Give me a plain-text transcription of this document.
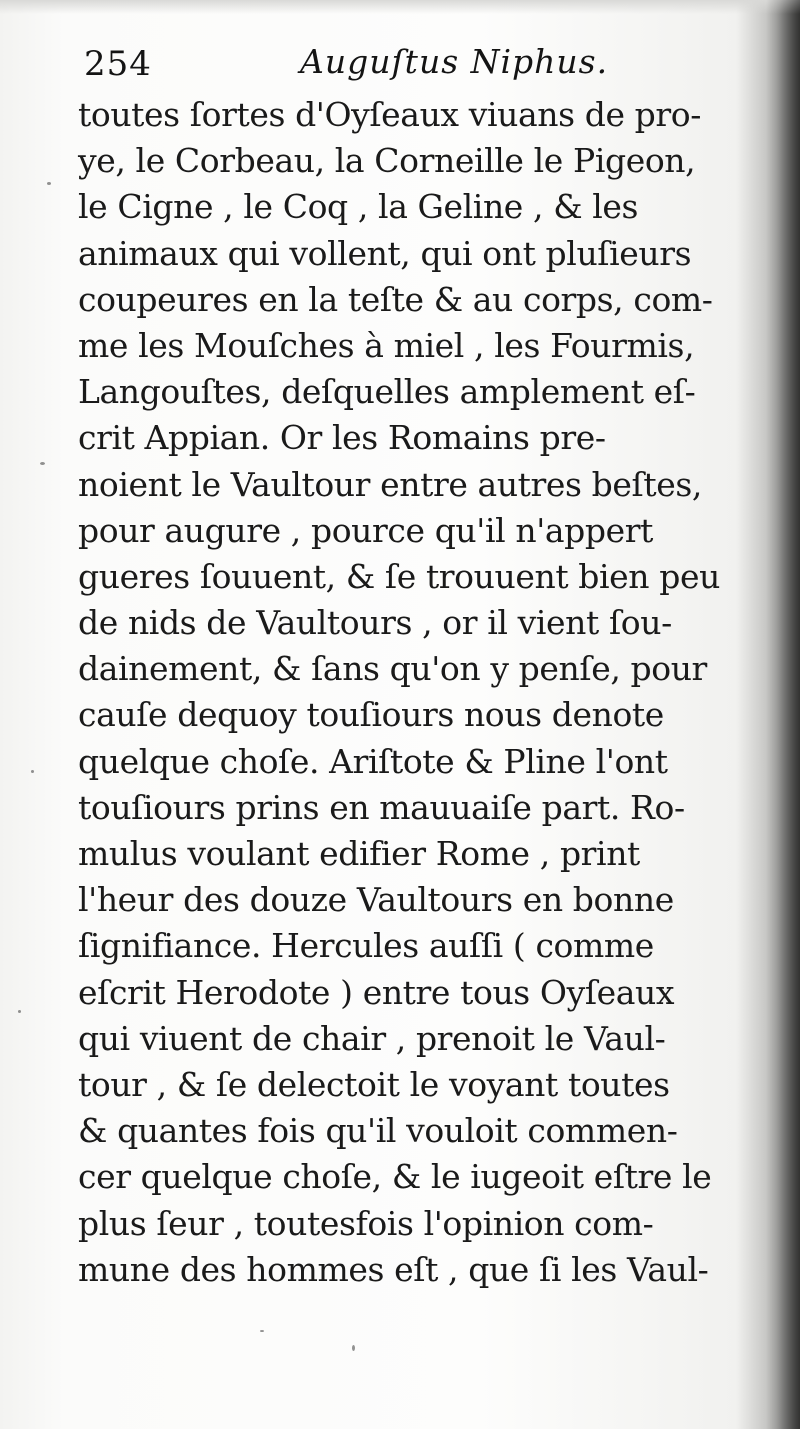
254	Auguſtus Niphus.
toutes ſortes d'Oyſeaux viuans de pro-
ye, le Corbeau, la Corneille le Pigeon,
le Cigne , le Coq , la Geline , & les
animaux qui vollent, qui ont pluſieurs
coupeures en la teſte & au corps, com-
me les Mouſches à miel , les Fourmis,
Langouſtes, deſquelles amplement eſ-
crit Appian. Or les Romains pre-
noient le Vaultour entre autres beſtes,
pour augure , pource qu'il n'appert
gueres ſouuent, & ſe trouuent bien peu
de nids de Vaultours , or il vient ſou-
dainement, & ſans qu'on y penſe, pour
cauſe dequoy touſiours nous denote
quelque choſe. Ariſtote & Pline l'ont
touſiours prins en mauuaiſe part. Ro-
mulus voulant edifier Rome , print
l'heur des douze Vaultours en bonne
ſignifiance. Hercules auſſi ( comme
eſcrit Herodote ) entre tous Oyſeaux
qui viuent de chair , prenoit le Vaul-
tour , & ſe delectoit le voyant toutes
& quantes fois qu'il vouloit commen-
cer quelque choſe, & le iugeoit eſtre le
plus ſeur , toutesfois l'opinion com-
mune des hommes eſt , que ſi les Vaul-
